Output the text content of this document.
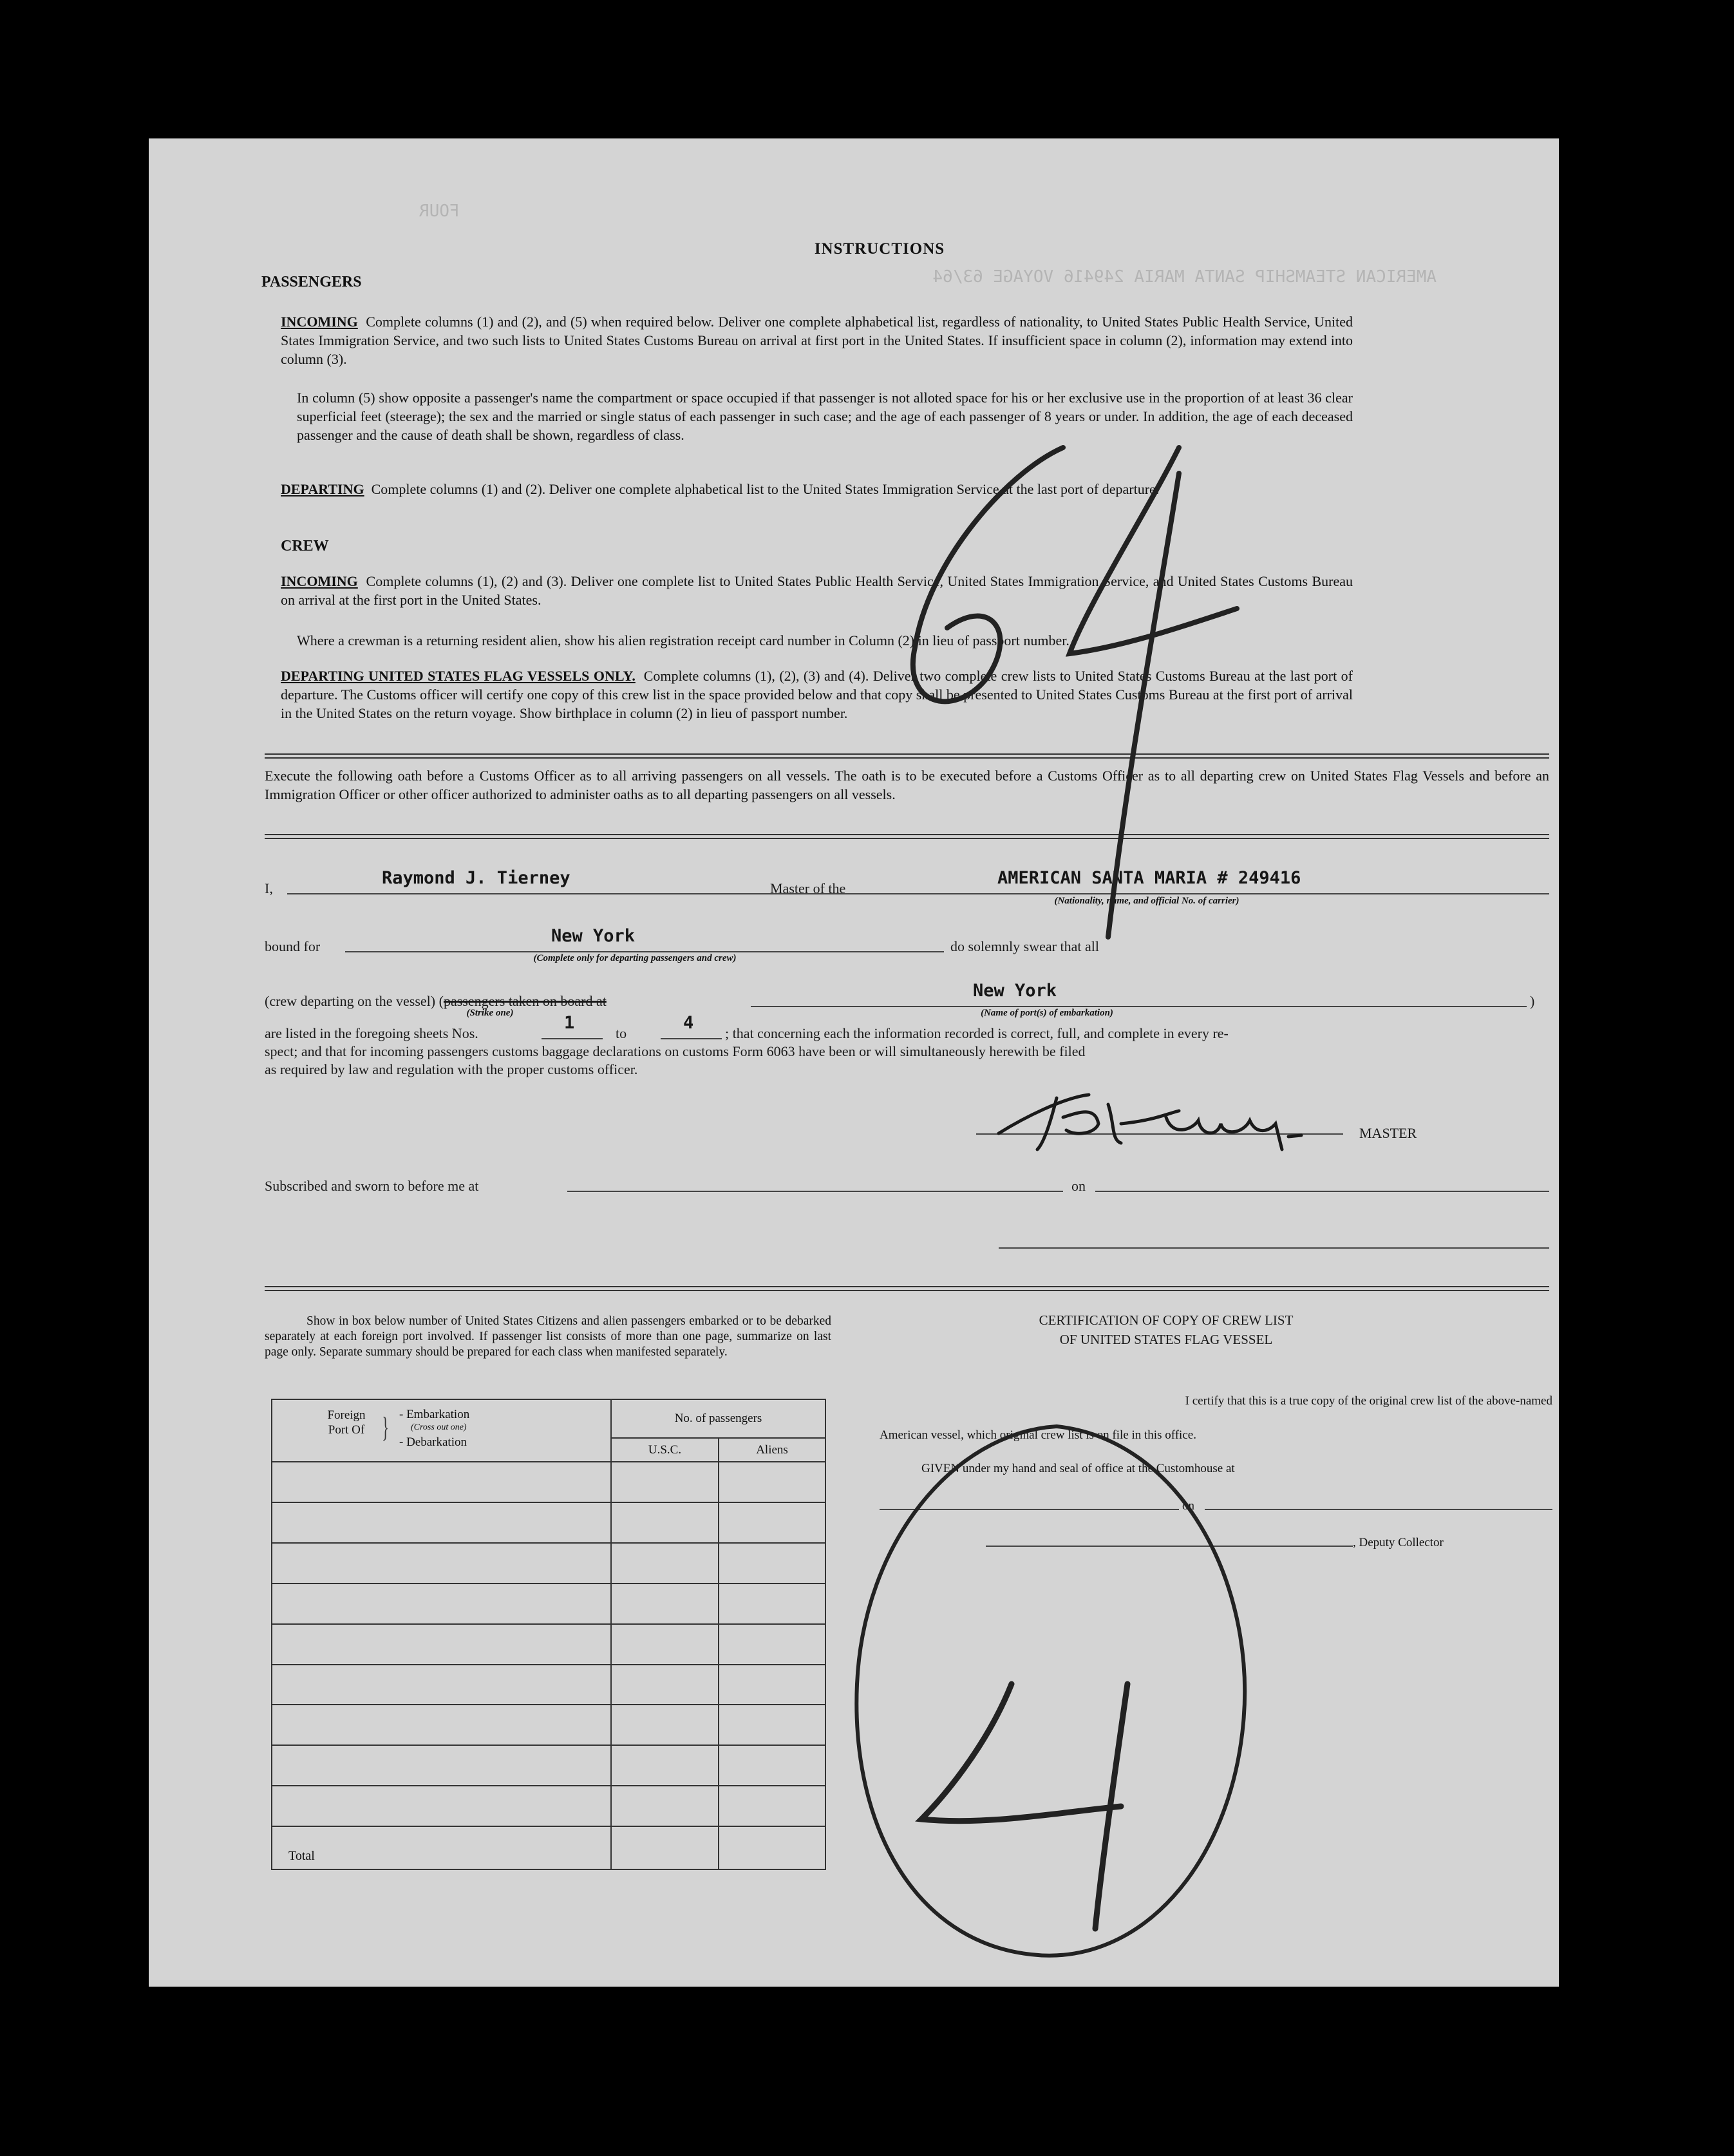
FOUR
AMERICAN STEAMSHIP SANTA MARIA 249416 VOYAGE 63/64
INSTRUCTIONS
PASSENGERS
INCOMING Complete columns (1) and (2), and (5) when required below. Deliver one complete alphabetical list, regardless of nationality, to United States Public Health Service, United States Immigration Service, and two such lists to United States Customs Bureau on arrival at first port in the United States. If insufficient space in column (2), information may extend into column (3).
In column (5) show opposite a passenger's name the compartment or space occupied if that passenger is not alloted space for his or her exclusive use in the proportion of at least 36 clear superficial feet (steerage); the sex and the married or single status of each passenger in such case; and the age of each passenger of 8 years or under. In addition, the age of each deceased passenger and the cause of death shall be shown, regardless of class.
DEPARTING Complete columns (1) and (2). Deliver one complete alphabetical list to the United States Immigration Service at the last port of departure.
CREW
INCOMING Complete columns (1), (2) and (3). Deliver one complete list to United States Public Health Service, United States Immigration Service, and United States Customs Bureau on arrival at the first port in the United States.
Where a crewman is a returning resident alien, show his alien registration receipt card number in Column (2) in lieu of passport number.
DEPARTING UNITED STATES FLAG VESSELS ONLY. Complete columns (1), (2), (3) and (4). Deliver two complete crew lists to United States Customs Bureau at the last port of departure. The Customs officer will certify one copy of this crew list in the space provided below and that copy shall be presented to United States Customs Bureau at the first port of arrival in the United States on the return voyage. Show birthplace in column (2) in lieu of passport number.
Execute the following oath before a Customs Officer as to all arriving passengers on all vessels. The oath is to be executed before a Customs Officer as to all departing crew on United States Flag Vessels and before an Immigration Officer or other officer authorized to administer oaths as to all departing passengers on all vessels.
I,
Raymond J. Tierney
Master of the
AMERICAN SANTA MARIA # 249416
(Nationality, name, and official No. of carrier)
bound for
New York
(Complete only for departing passengers and crew)
do solemnly swear that all
(crew departing on the vessel) (passengers taken on board at	)
New York
(Strike one)	(Name of port(s) of embarkation)
are listed in the foregoing sheets Nos.
1
to
4
; that concerning each the information recorded is correct, full, and complete in every re-
spect; and that for incoming passengers customs baggage declarations on customs Form 6063 have been or will simultaneously herewith be filed
as required by law and regulation with the proper customs officer.
MASTER
Subscribed and sworn to before me at	on
Show in box below number of United States Citizens and alien passengers embarked or to be debarked separately at each foreign port involved. If passenger list consists of more than one page, summarize on last page only. Separate summary should be prepared for each class when manifested separately.
Foreign Port Of } - Embarkation
(Cross out one)
- Debarkation	No. of passengers	
	U.S.C.	Aliens

Total		
CERTIFICATION OF COPY OF CREW LIST
OF UNITED STATES FLAG VESSEL
I certify that this is a true copy of the original crew list of the above-named
American vessel, which original crew list is on file in this office.
GIVEN under my hand and seal of office at the Customhouse at
on
, Deputy Collector
